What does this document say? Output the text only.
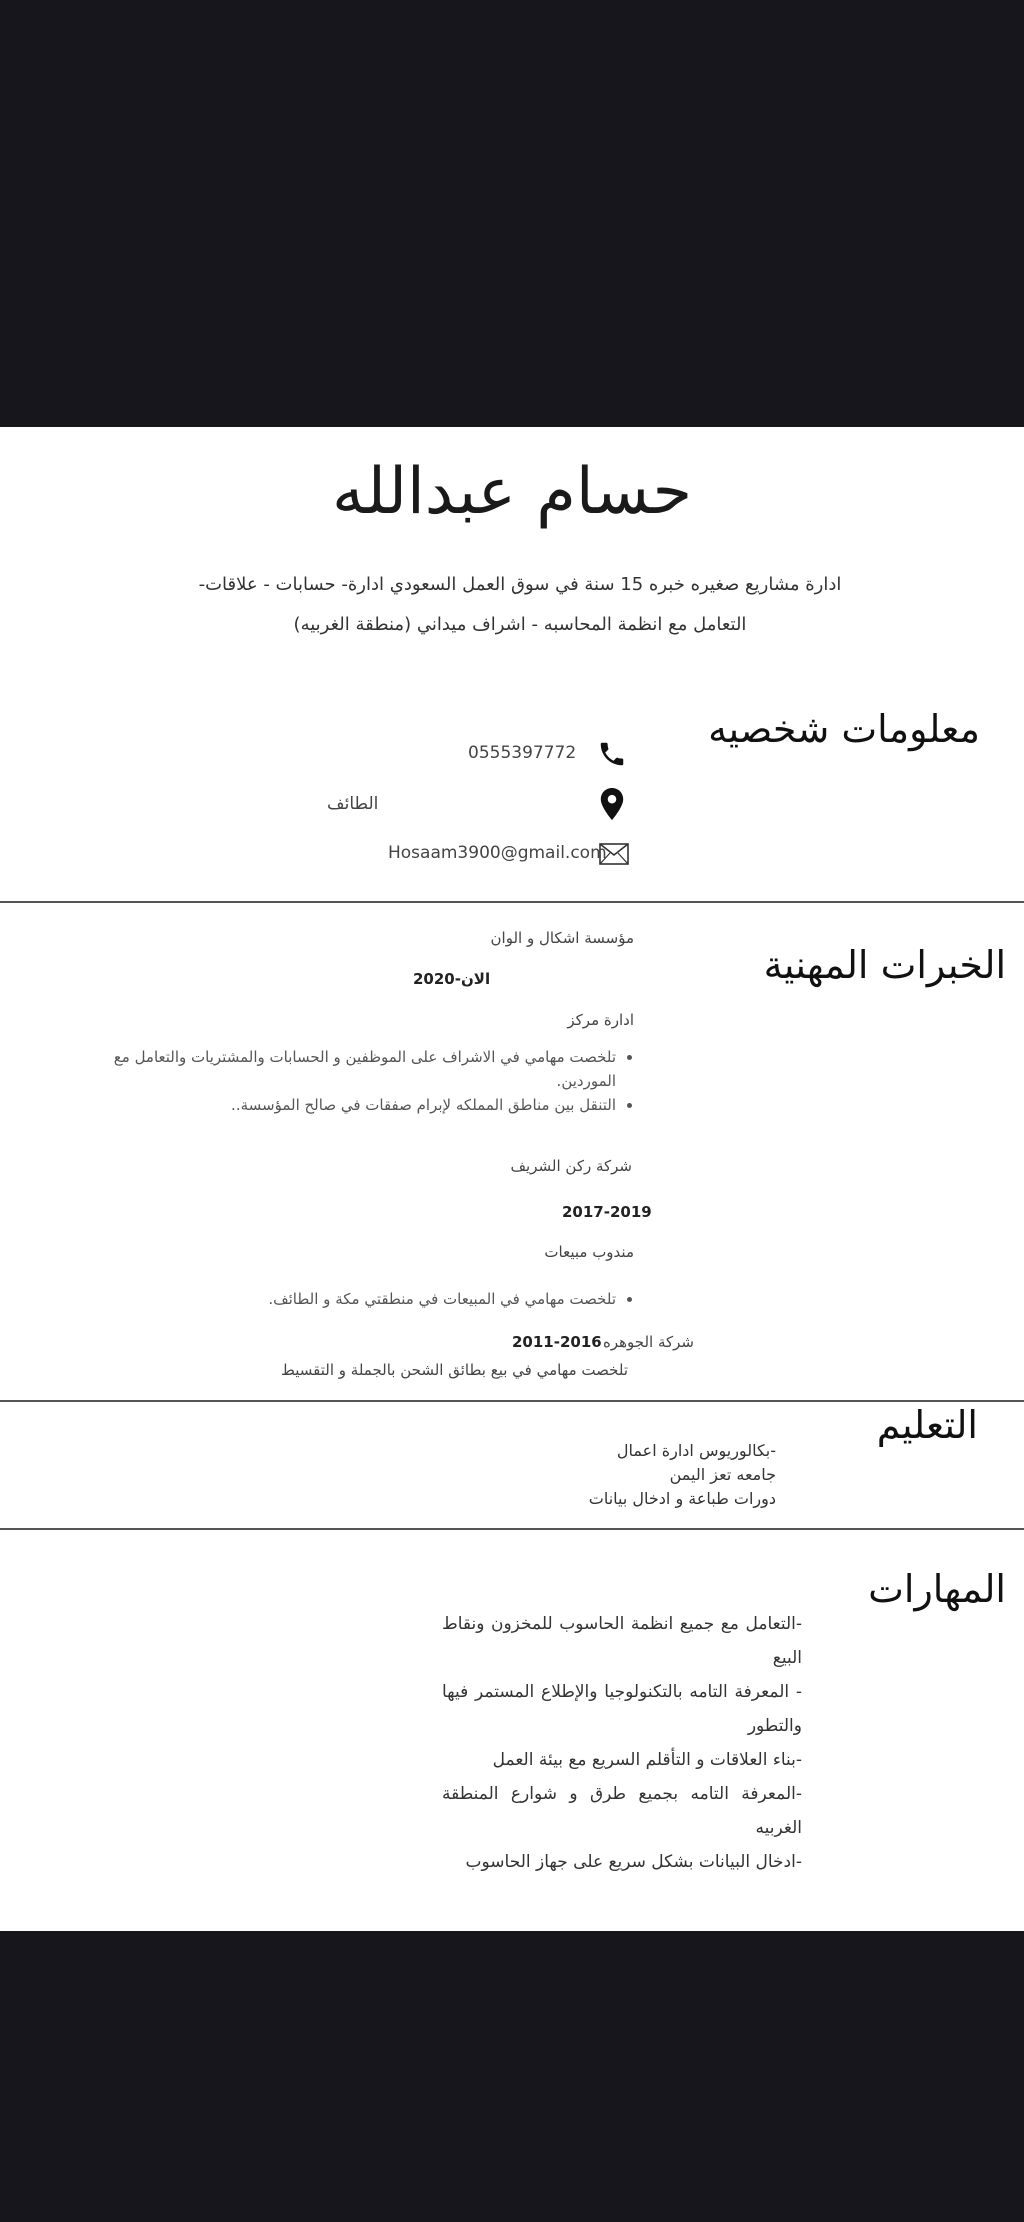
حسام عبدالله
ادارة مشاريع صغيره خبره 15 سنة في سوق العمل السعودي ادارة- حسابات - علاقات-
التعامل مع انظمة المحاسبه - اشراف ميداني (منطقة الغربيه)
معلومات شخصيه
0555397772
الطائف
Hosaam3900@gmail.com
الخبرات المهنية
مؤسسة اشكال و الوان
2020-الان
ادارة مركز
• تلخصت مهامي في الاشراف على الموظفين و الحسابات والمشتريات والتعامل مع الموردين.
• التنقل بين مناطق المملكه لإبرام صفقات في صالح المؤسسة..
شركة ركن الشريف
2017-2019
مندوب مبيعات
• تلخصت مهامي في المبيعات في منطقتي مكة و الطائف.
شركة الجوهره
2011-2016
تلخصت مهامي في بيع بطائق الشحن بالجملة و التقسيط
التعليم
-بكالوريوس ادارة اعمال
جامعه تعز اليمن
دورات طباعة و ادخال بيانات
المهارات
-التعامل مع جميع انظمة الحاسوب للمخزون ونقاط البيع
- المعرفة التامه بالتكنولوجيا والإطلاع المستمر فيها والتطور
-بناء العلاقات و التأقلم السريع مع بيئة العمل
-المعرفة التامه بجميع طرق و شوارع المنطقة الغربيه
-ادخال البيانات بشكل سريع على جهاز الحاسوب
